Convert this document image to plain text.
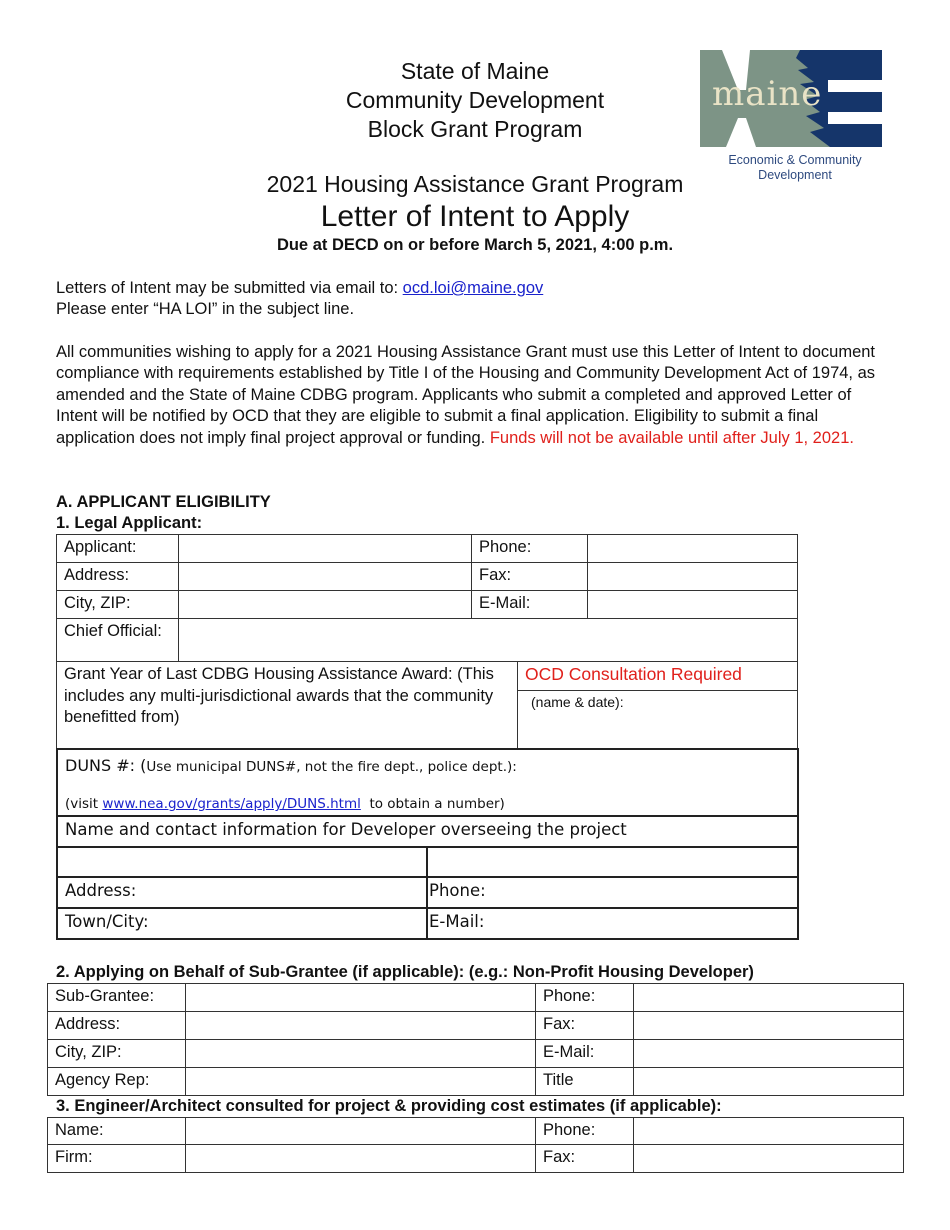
State of Maine
Community Development
Block Grant Program
2021 Housing Assistance Grant Program
Letter of Intent to Apply
Due at DECD on or before March 5, 2021, 4:00 p.m.
maine
Economic & Community
Development
Letters of Intent may be submitted via email to: ocd.loi@maine.gov
Please enter “HA LOI” in the subject line.
All communities wishing to apply for a 2021 Housing Assistance Grant must use this Letter of Intent to document compliance with requirements established by Title I of the Housing and Community Development Act of 1974, as amended and the State of Maine CDBG program. Applicants who submit a completed and approved Letter of Intent will be notified by OCD that they are eligible to submit a final application. Eligibility to submit a final application does not imply final project approval or funding. Funds will not be available until after July 1, 2021.
A. APPLICANT ELIGIBILITY
1. Legal Applicant:
Applicant:		Phone:	
Address:		Fax:	
City, ZIP:		E-Mail:	
Chief Official:			
Grant Year of Last CDBG Housing Assistance Award: (This includes any multi-jurisdictional awards that the community benefitted from)	OCD Consultation Required
(name & date):
DUNS #: (Use municipal DUNS#, not the fire dept., police dept.):
(visit www.nea.gov/grants/apply/DUNS.html  to obtain a number)	

Name and contact information for Developer overseeing the project	

Address:	Phone:
Town/City:	E-Mail:
2. Applying on Behalf of Sub-Grantee (if applicable): (e.g.: Non-Profit Housing Developer)
Sub-Grantee:		Phone:	
Address:		Fax:	
City, ZIP:		E-Mail:	
Agency Rep:		Title	
3. Engineer/Architect consulted for project & providing cost estimates (if applicable):
Name:		Phone:	
Firm:		Fax:	
